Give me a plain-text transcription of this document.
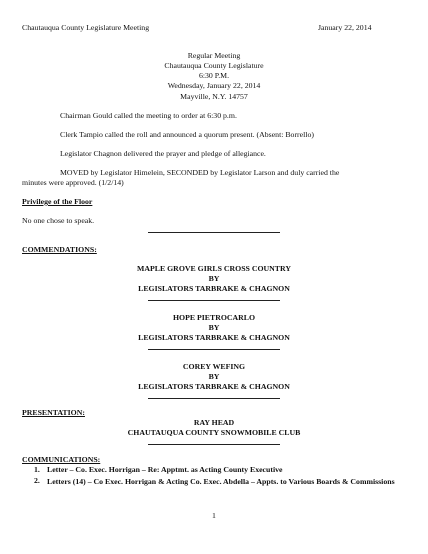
Chautauqua County Legislature Meeting	January 22, 2014
Regular Meeting
Chautauqua County Legislature
6:30 P.M.
Wednesday, January 22, 2014
Mayville, N.Y. 14757
Chairman Gould called the meeting to order at 6:30 p.m.
Clerk Tampio called the roll and announced a quorum present. (Absent: Borrello)
Legislator Chagnon delivered the prayer and pledge of allegiance.
MOVED by Legislator Himelein, SECONDED by Legislator Larson and duly carried the
minutes were approved. (1/2/14)
Privilege of the Floor
No one chose to speak.
COMMENDATIONS:
MAPLE GROVE GIRLS CROSS COUNTRY
BY
LEGISLATORS TARBRAKE & CHAGNON
HOPE PIETROCARLO
BY
LEGISLATORS TARBRAKE & CHAGNON
COREY WEFING
BY
LEGISLATORS TARBRAKE & CHAGNON
PRESENTATION:
RAY HEAD
CHAUTAUQUA COUNTY SNOWMOBILE CLUB
COMMUNICATIONS:
1. Letter – Co. Exec. Horrigan – Re: Apptmt. as Acting County Executive
2. Letters (14) – Co Exec. Horrigan & Acting Co. Exec. Abdella – Appts. to Various Boards & Commissions
1
